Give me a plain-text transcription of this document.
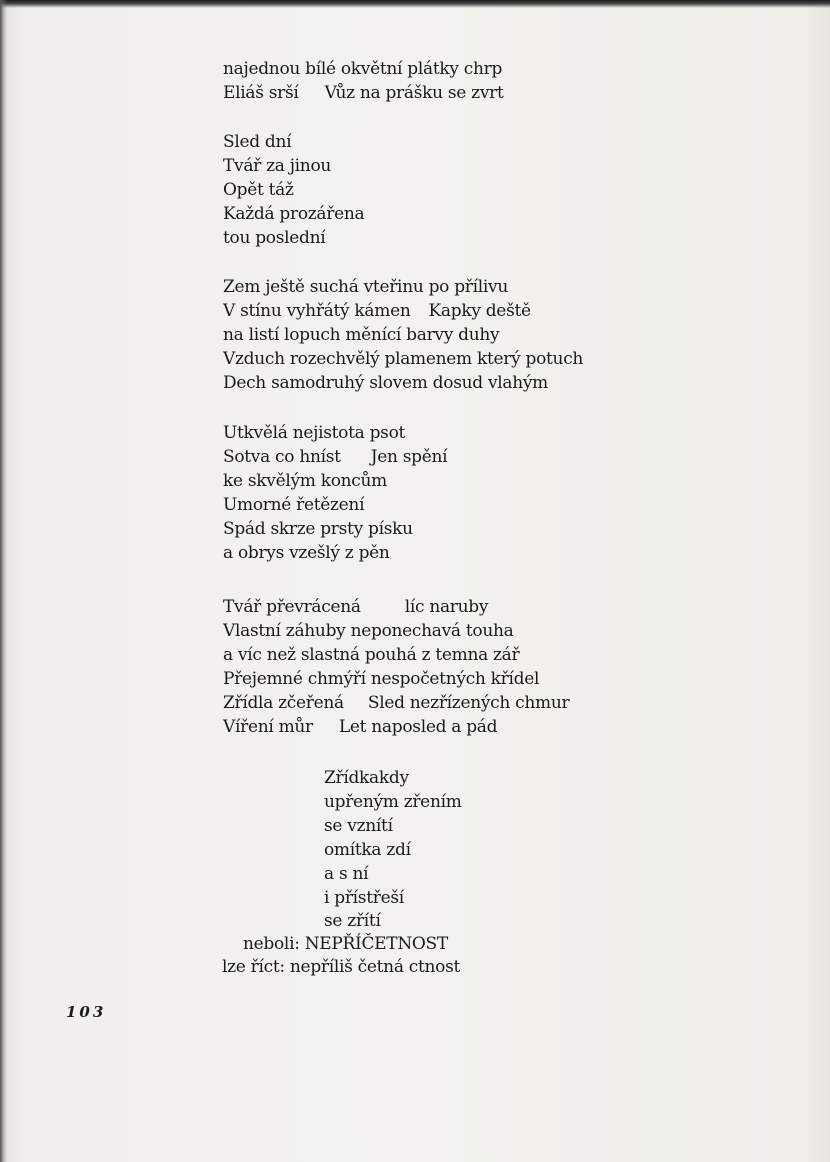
najednou bílé okvětní plátky chrp
Eliáš srší Vůz na prášku se zvrt
Sled dní
Tvář za jinou
Opět táž
Každá prozářena
tou poslední
Zem ještě suchá vteřinu po přílivu
V stínu vyhřátý kámen Kapky deště
na listí lopuch měnící barvy duhy
Vzduch rozechvělý plamenem který potuch
Dech samodruhý slovem dosud vlahým
Utkvělá nejistota psot
Sotva co hníst Jen spění
ke skvělým koncům
Umorné řetězení
Spád skrze prsty písku
a obrys vzešlý z pěn
Tvář převrácená	líc naruby
Vlastní záhuby neponechavá touha
a víc než slastná pouhá z temna zář
Přejemné chmýří nespočetných křídel
Zřídla zčeřená Sled nezřízených chmur
Víření můr Let naposled a pád
Zřídkakdy
upřeným zřením
se vznítí
omítka zdí
a s ní
i přístřeší
se zřítí
neboli: NEPŘÍČETNOST
lze říct: nepříliš četná ctnost
103
